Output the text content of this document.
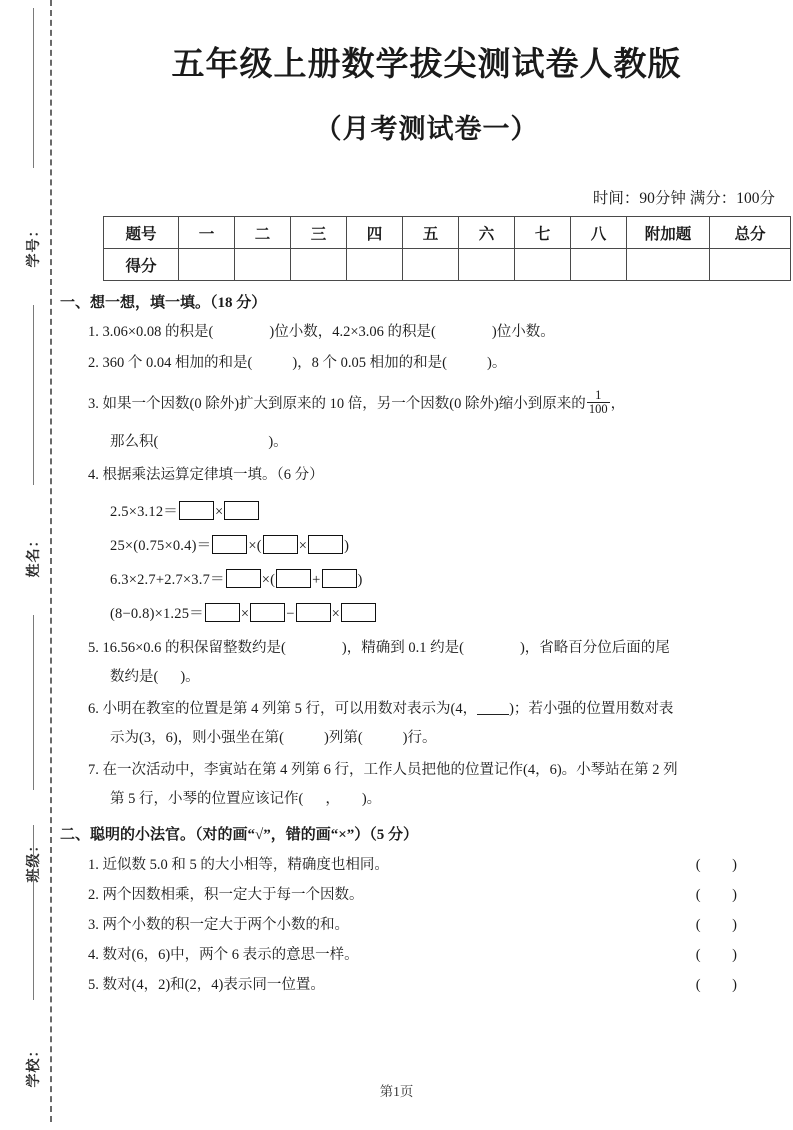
学号：
姓名：
班级：
学校：
五年级上册数学拔尖测试卷人教版
（月考测试卷一）
时间：90分钟 满分：100分
题号	一	二	三	四	五	六	七	八	附加题	总分
得分										
一、想一想，填一填。（18 分）
1. 3.06×0.08 的积是(	)位小数，4.2×3.06 的积是(	)位小数。
2. 360 个 0.04 相加的和是(	)，8 个 0.05 相加的和是(	)。
3. 如果一个因数(0 除外)扩大到原来的 10 倍，另一个因数(0 除外)缩小到原来的 $\frac{1}{100}$ ，
那么积(	)。
4. 根据乘法运算定律填一填。（6 分）
2.5×3.12＝	×
25×(0.75×0.4)＝	×(	×	)
6.3×2.7+2.7×3.7＝	×(	+	)
(8−0.8)×1.25＝	×	−	×
5. 16.56×0.6 的积保留整数约是(	)，精确到 0.1 约是(	)，省略百分位后面的尾
数约是( )。
6. 小明在教室的位置是第 4 列第 5 行，可以用数对表示为(4， )；若小强的位置用数对表
示为(3，6)，则小强坐在第(	)列第(	)行。
7. 在一次活动中，李寅站在第 4 列第 6 行，工作人员把他的位置记作(4，6)。小琴站在第 2 列
第 5 行，小琴的位置应该记作( ， )。
二、聪明的小法官。（对的画“√”，错的画“×”）（5 分）
1.
近似数 5.0 和 5 的大小相等，精确度也相同。	( )
2.
两个因数相乘，积一定大于每一个因数。	( )
3.
两个小数的积一定大于两个小数的和。	( )
4.
数对(6，6)中，两个 6 表示的意思一样。	( )
5.
数对(4，2)和(2，4)表示同一位置。	( )
第1页
